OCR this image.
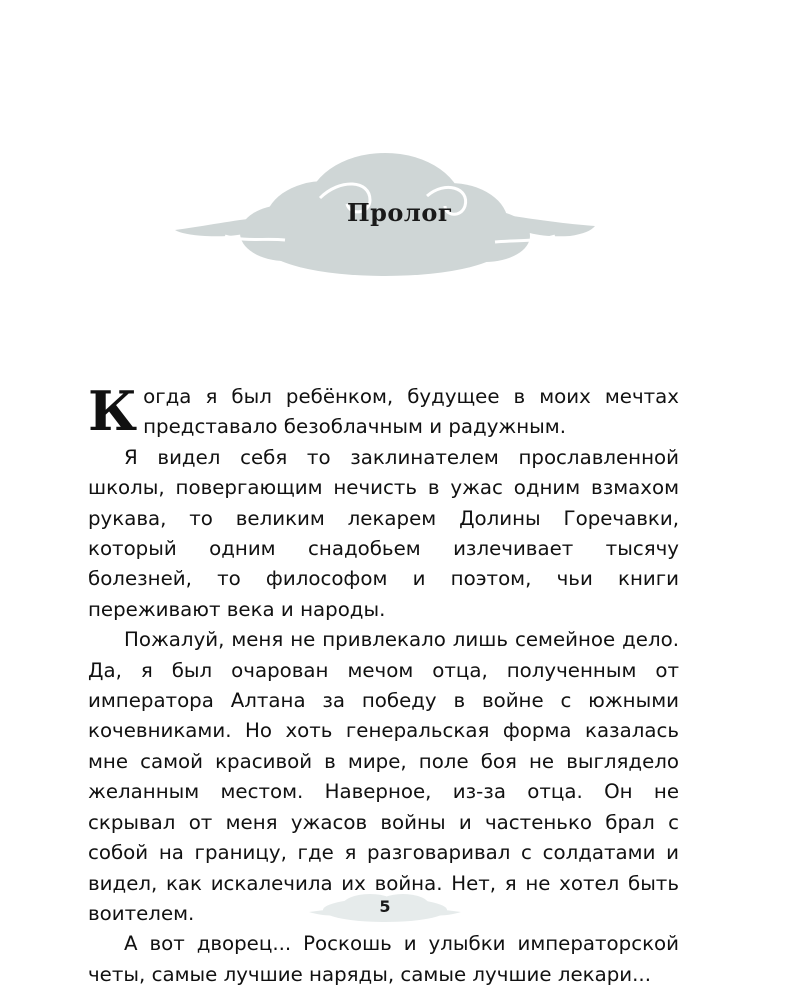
Пролог

Когда я был ребёнком, будущее в моих мечтах представало безоблачным и радужным.

Я видел себя то заклинателем прославленной школы, повергающим нечисть в ужас одним взмахом рукава, то великим лекарем Долины Горечавки, который одним снадобьем излечивает тысячу болезней, то философом и поэтом, чьи книги переживают века и народы.

Пожалуй, меня не привлекало лишь семейное дело. Да, я был очарован мечом отца, полученным от императора Алтана за победу в войне с южными кочевниками. Но хоть генеральская форма казалась мне самой красивой в мире, поле боя не выглядело желанным местом. Наверное, из-за отца. Он не скрывал от меня ужасов войны и частенько брал с собой на границу, где я разговаривал с солдатами и видел, как искалечила их война. Нет, я не хотел быть воителем.

А вот дворец... Роскошь и улыбки императорской четы, самые лучшие наряды, самые лучшие лекари...

5
